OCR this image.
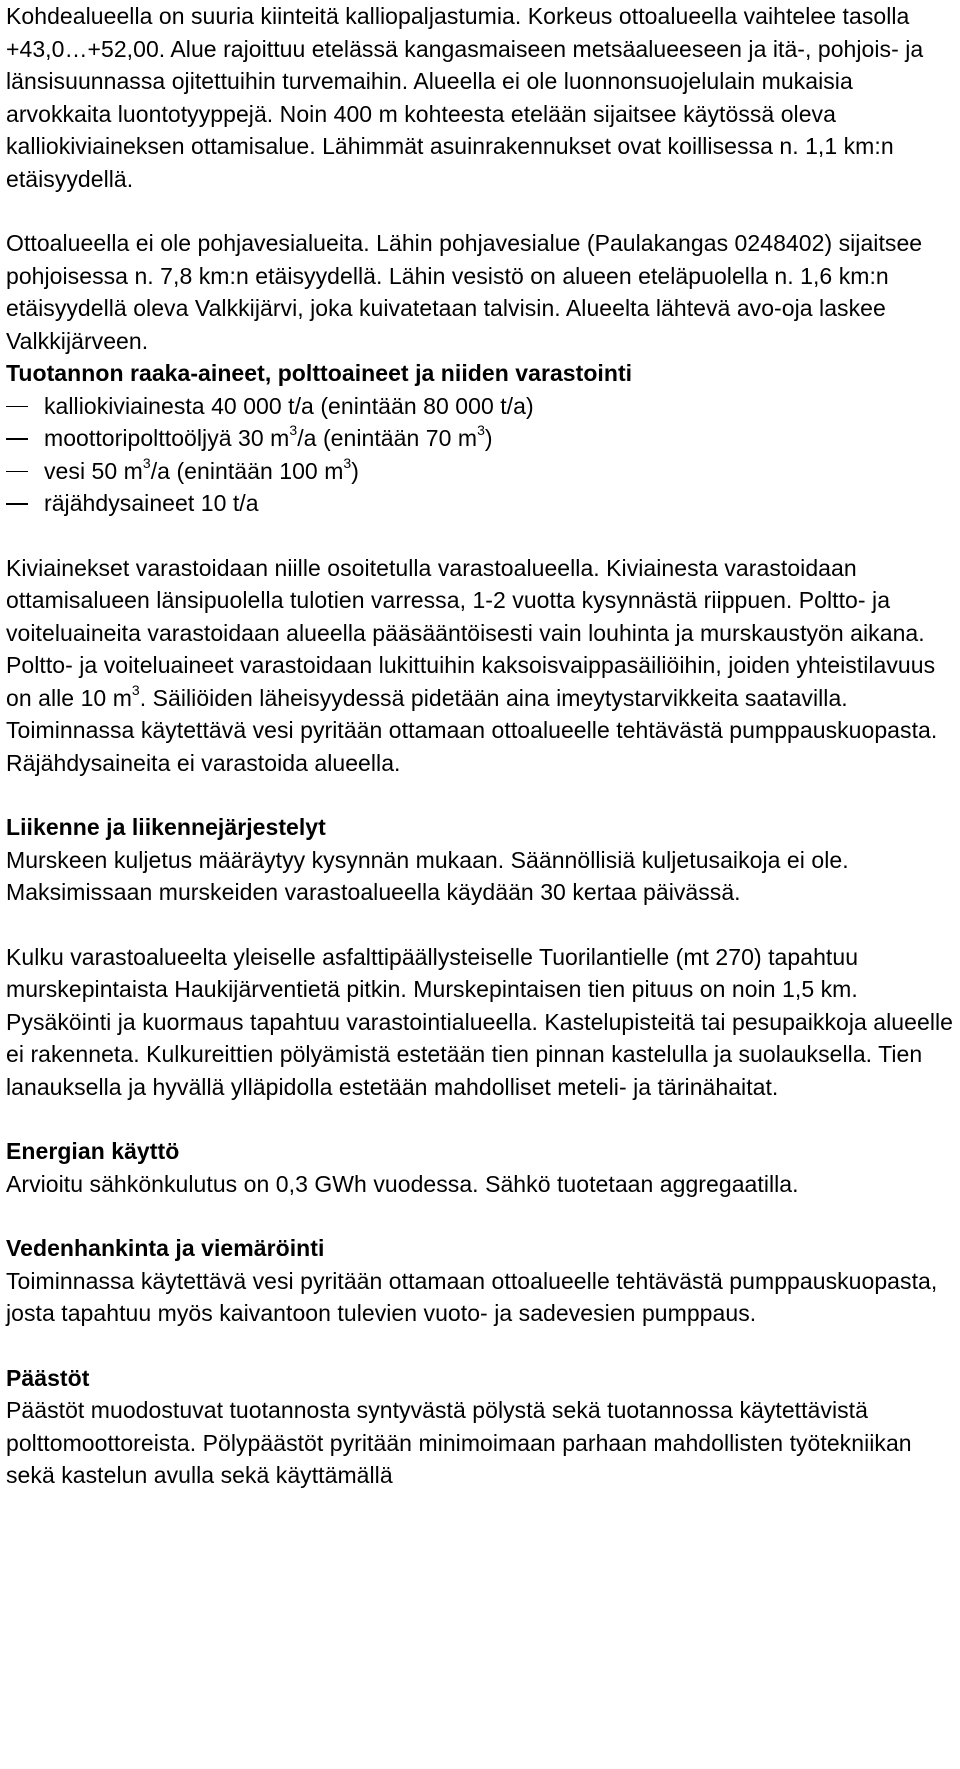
Kohdealueella on suuria kiinteitä kalliopaljastumia. Korkeus ottoalueella vaihtelee tasolla +43,0…+52,00. Alue rajoittuu etelässä kangasmaiseen metsäalueeseen ja itä-, pohjois- ja länsisuunnassa ojitettuihin turvemaihin. Alueella ei ole luonnonsuojelulain mukaisia arvokkaita luontotyyppejä. Noin 400 m kohteesta etelään sijaitsee käytössä oleva kalliokiviaineksen ottamisalue. Lähimmät asuinrakennukset ovat koillisessa n. 1,1 km:n etäisyydellä.

Ottoalueella ei ole pohjavesialueita. Lähin pohjavesialue (Paulakangas 0248402) sijaitsee pohjoisessa n. 7,8 km:n etäisyydellä. Lähin vesistö on alueen eteläpuolella n. 1,6 km:n etäisyydellä oleva Valkkijärvi, joka kuivatetaan talvisin. Alueelta lähtevä avo-oja laskee Valkkijärveen.

Tuotannon raaka-aineet, polttoaineet ja niiden varastointi

kalliokiviainesta 40 000 t/a (enintään 80 000 t/a)
moottoripolttoöljyä 30 $m^3/a$ (enintään 70 $m^3$)
vesi 50 $m^3/a$ (enintään 100 $m^3$)
räjähdysaineet 10 t/a

Kiviainekset varastoidaan niille osoitetulla varastoalueella. Kiviainesta varastoidaan ottamisalueen länsipuolella tulotien varressa, 1-2 vuotta kysynnästä riippuen. Poltto- ja voiteluaineita varastoidaan alueella pääsääntöisesti vain louhinta ja murskaustyön aikana. Poltto- ja voiteluaineet varastoidaan lukittuihin kaksoisvaippasäiliöihin, joiden yhteistilavuus on alle 10 $m^3$. Säiliöiden läheisyydessä pidetään aina imeytystarvikkeita saatavilla. Toiminnassa käytettävä vesi pyritään ottamaan ottoalueelle tehtävästä pumppauskuopasta. Räjähdysaineita ei varastoida alueella.

Liikenne ja liikennejärjestelyt

Murskeen kuljetus määräytyy kysynnän mukaan. Säännöllisiä kuljetusaikoja ei ole. Maksimissaan murskeiden varastoalueella käydään 30 kertaa päivässä.

Kulku varastoalueelta yleiselle asfalttipäällysteiselle Tuorilantielle (mt 270) tapahtuu murskepintaista Haukijärventietä pitkin. Murskepintaisen tien pituus on noin 1,5 km. Pysäköinti ja kuormaus tapahtuu varastointialueella. Kastelupisteitä tai pesupaikkoja alueelle ei rakenneta. Kulkureittien pölyämistä estetään tien pinnan kastelulla ja suolauksella. Tien lanauksella ja hyvällä ylläpidolla estetään mahdolliset meteli- ja tärinähaitat.

Energian käyttö

Arvioitu sähkönkulutus on 0,3 GWh vuodessa. Sähkö tuotetaan aggregaatilla.

Vedenhankinta ja viemäröinti

Toiminnassa käytettävä vesi pyritään ottamaan ottoalueelle tehtävästä pumppauskuopasta, josta tapahtuu myös kaivantoon tulevien vuoto- ja sadevesien pumppaus.

Päästöt

Päästöt muodostuvat tuotannosta syntyvästä pölystä sekä tuotannossa käytettävistä polttomoottoreista. Pölypäästöt pyritään minimoimaan parhaan mahdollisten työtekniikan sekä kastelun avulla sekä käyttämällä
